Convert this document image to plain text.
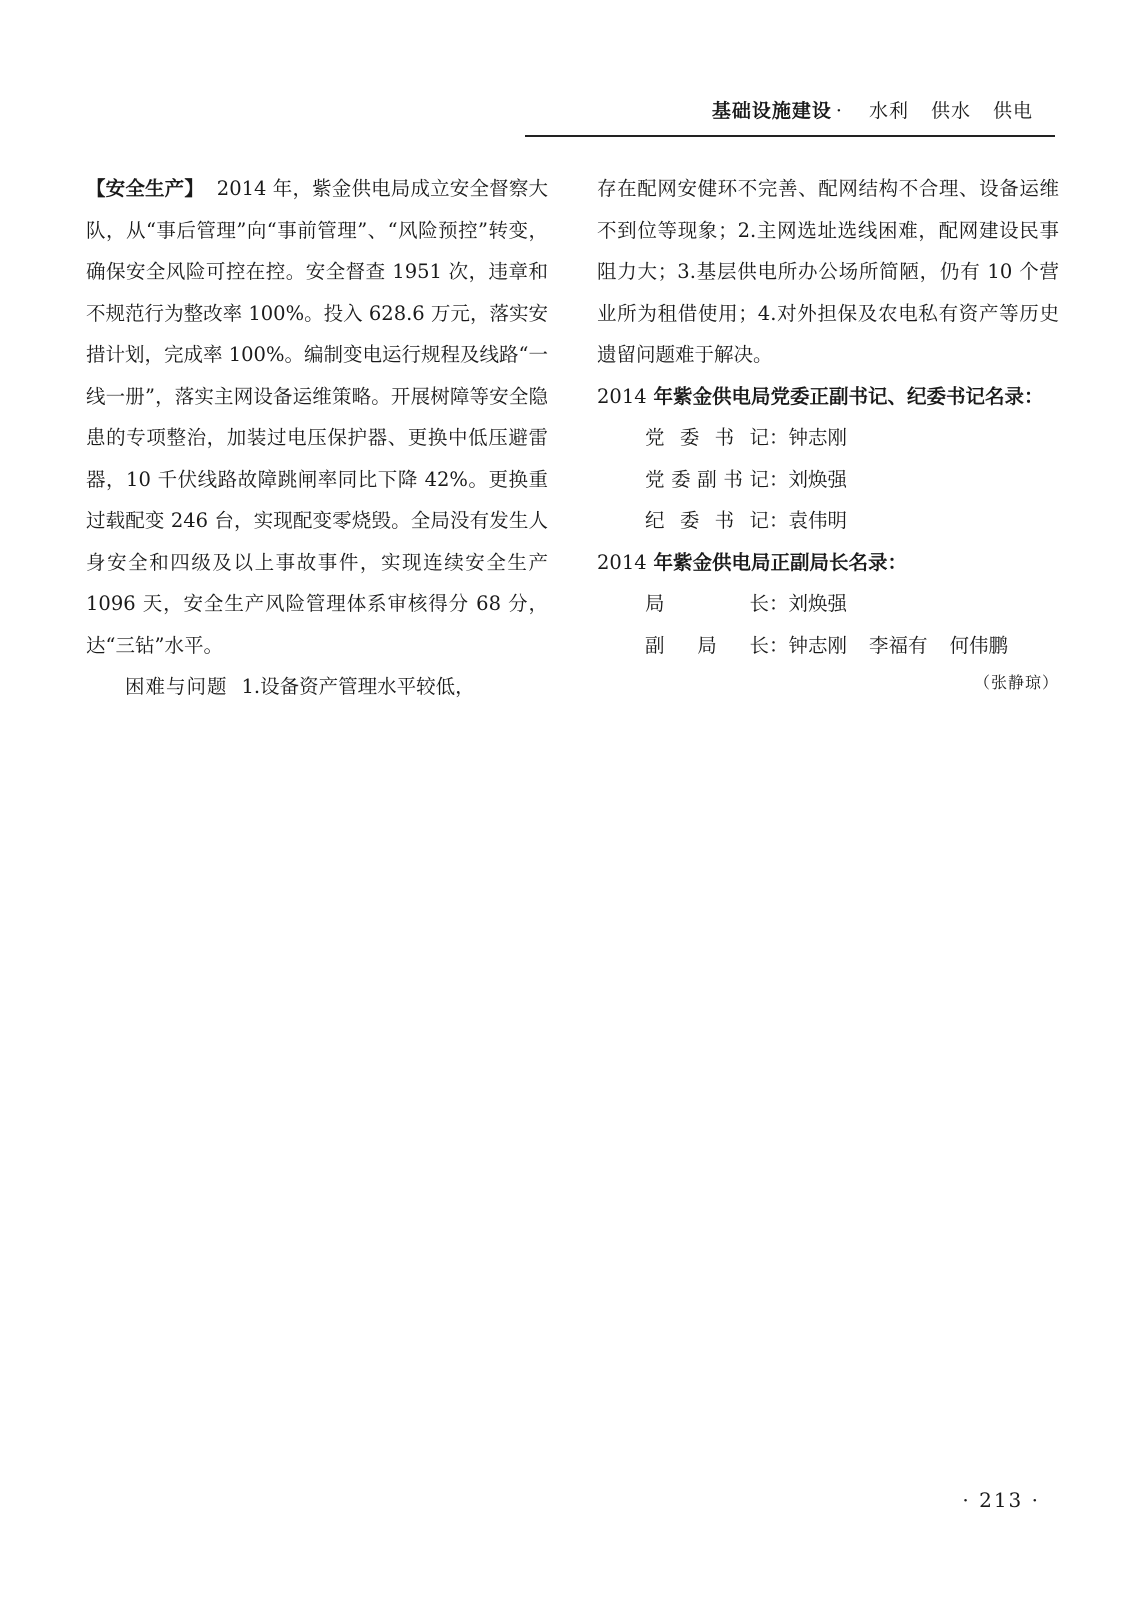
基础设施建设 · 水利 供水 供电

【安全生产】 2014 年，紫金供电局成立安全督察大队，从“事后管理”向“事前管理”、“风险预控”转变，确保安全风险可控在控。安全督查 1951 次，违章和不规范行为整改率 100%。投入 628.6 万元，落实安措计划，完成率 100%。编制变电运行规程及线路“一线一册”，落实主网设备运维策略。开展树障等安全隐患的专项整治，加装过电压保护器、更换中低压避雷器，10 千伏线路故障跳闸率同比下降 42%。更换重过载配变 246 台，实现配变零烧毁。全局没有发生人身安全和四级及以上事故事件，实现连续安全生产 1096 天，安全生产风险管理体系审核得分 68 分，达“三钻”水平。

困难与问题 1.设备资产管理水平较低，

存在配网安健环不完善、配网结构不合理、设备运维不到位等现象；2.主网选址选线困难，配网建设民事阻力大；3.基层供电所办公场所简陋，仍有 10 个营业所为租借使用；4.对外担保及农电私有资产等历史遗留问题难于解决。

2014 年紫金供电局党委正副书记、纪委书记名录：

党委书记：钟志刚
党委副书记：刘焕强
纪委书记：袁伟明

2014 年紫金供电局正副局长名录：

局长：刘焕强
副局长：钟志刚 李福有 何伟鹏
（张静琼）
· 213 ·
